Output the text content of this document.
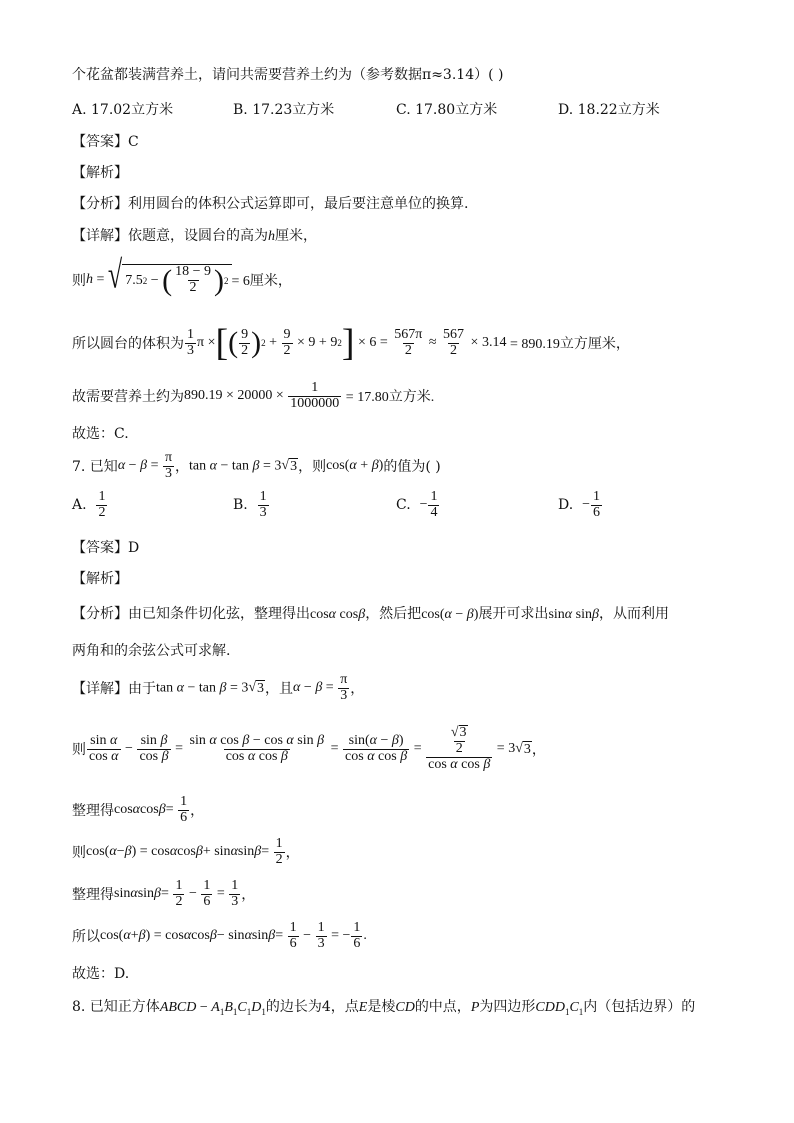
个花盆都装满营养土，请问共需要营养土约为（参考数据π≈3.14）( )
A. 17.02立方米	B. 17.23立方米	C. 17.80立方米	D. 18.22立方米
【答案】C
【解析】
【分析】利用圆台的体积公式运算即可，最后要注意单位的换算.
【详解】依题意，设圆台的高为h厘米，
则 h = √ 7.5 2 − ( $\frac{18 - 9}{2}$ ) 2 = 6厘米，
所以圆台的体积为 $\frac{1}{3}$ π × [ ( $\frac{9}{2}$ ) $2 + \frac{9}{2} \times 9 + 9$ 2 ] × $6 = \frac{567\pi}{2} \approx \frac{567}{2} \times 3.14 = 890.19$立方厘米，
故需要营养土约为 $890.19 \times 20000 \times \frac{1}{1000000}$
= 17.80立方米.
故选：C.
7. 已知 $\alpha - \beta = \frac{\pi}{3}$ ， tan α − tan β = 3 √ 3 ，则 cos(α + β) 的值为( )
A.
$\frac{1}{2}$	B.
$\frac{1}{3}$	C.
− $\frac{1}{4}$	D.
− $\frac{1}{6}$
【答案】D
【解析】
【分析】由已知条件切化弦，整理得出cosα cosβ，然后把cos(α − β)展开可求出sinα sinβ，从而利用
两角和的余弦公式可求解.
【详解】 由于 tan α − tan β = 3 √ 3 ，且 $\alpha - \beta = \frac{\pi}{3}$ ，
则 $\frac{\text{sin α}}{\text{cos α}} - \frac{\text{sin β}}{\text{cos β}} = \frac{\text{sin α cos β − cos α sin β}}{\text{cos α cos β}} = \frac{\sin(\alpha - \beta)}{\text{cos α cos β}} = \frac{\frac{√ 3}{2}}{\text{cos α cos β}} = 3$ √ 3 ，
整理得 cos α $\cos \beta = \frac{1}{6}$ ，
则 cos( α − β ) = cos α cos β + sin α $\sin \beta = \frac{1}{2}$ ，
整理得 sin α $\sin \beta = \frac{1}{2} - \frac{1}{6} = \frac{1}{3}$ ，
所以 cos( α + β ) = cos α cos β − sin α $\sin \beta = \frac{1}{6} - \frac{1}{3}$ = − $\frac{1}{6}$ .
故选：D.
8. 已知正方体ABCD − $A_1B_1C_1D_1$的边长为4，点E是棱CD的中点，P为四边形$CDD_1C_1$内（包括边界）的
